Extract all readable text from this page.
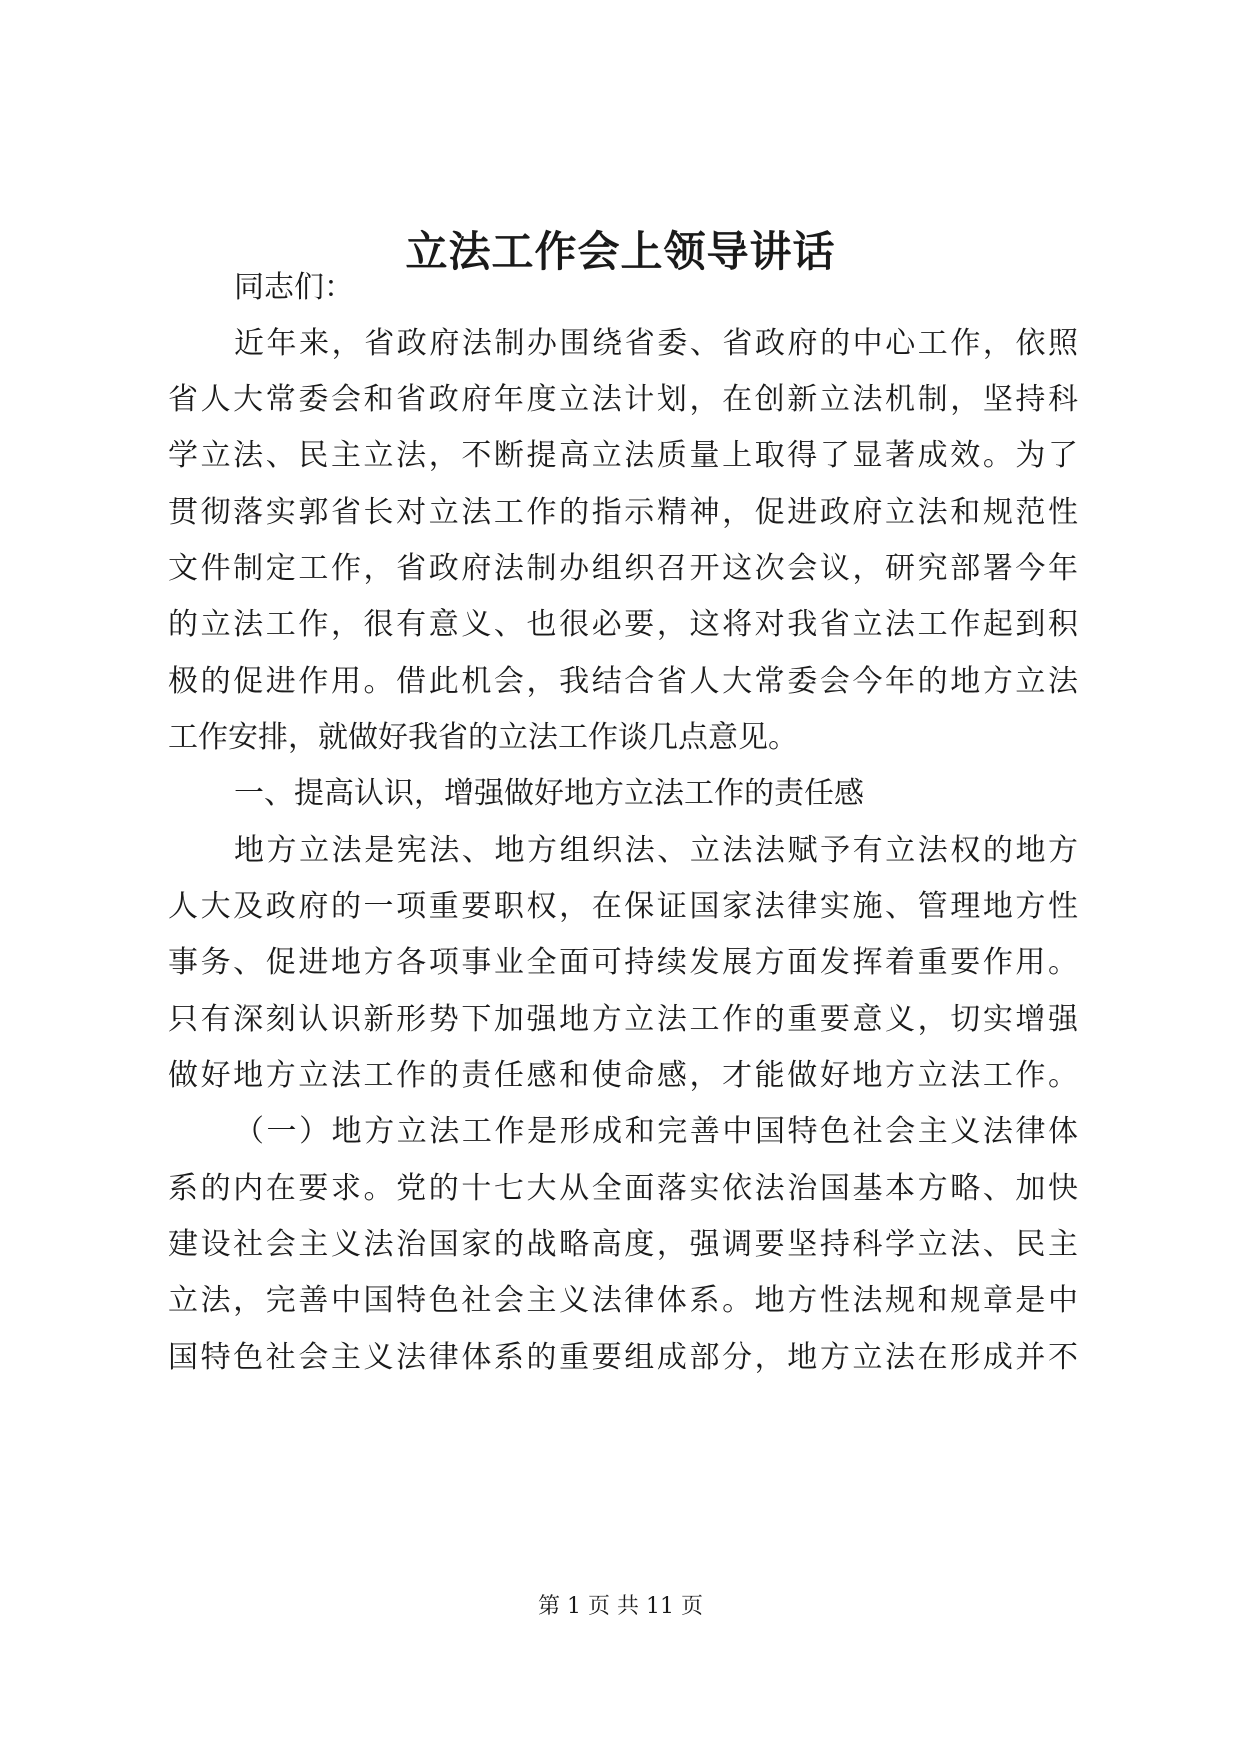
立法工作会上领导讲话
同志们：
近年来，省政府法制办围绕省委、省政府的中心工作，依照
省人大常委会和省政府年度立法计划，在创新立法机制，坚持科
学立法、民主立法，不断提高立法质量上取得了显著成效。为了
贯彻落实郭省长对立法工作的指示精神，促进政府立法和规范性
文件制定工作，省政府法制办组织召开这次会议，研究部署今年
的立法工作，很有意义、也很必要，这将对我省立法工作起到积
极的促进作用。借此机会，我结合省人大常委会今年的地方立法
工作安排，就做好我省的立法工作谈几点意见。
一、提高认识，增强做好地方立法工作的责任感
地方立法是宪法、地方组织法、立法法赋予有立法权的地方
人大及政府的一项重要职权，在保证国家法律实施、管理地方性
事务、促进地方各项事业全面可持续发展方面发挥着重要作用。
只有深刻认识新形势下加强地方立法工作的重要意义，切实增强
做好地方立法工作的责任感和使命感，才能做好地方立法工作。
（一）地方立法工作是形成和完善中国特色社会主义法律体
系的内在要求。党的十七大从全面落实依法治国基本方略、加快
建设社会主义法治国家的战略高度，强调要坚持科学立法、民主
立法，完善中国特色社会主义法律体系。地方性法规和规章是中
国特色社会主义法律体系的重要组成部分，地方立法在形成并不
第 1 页 共 11 页
